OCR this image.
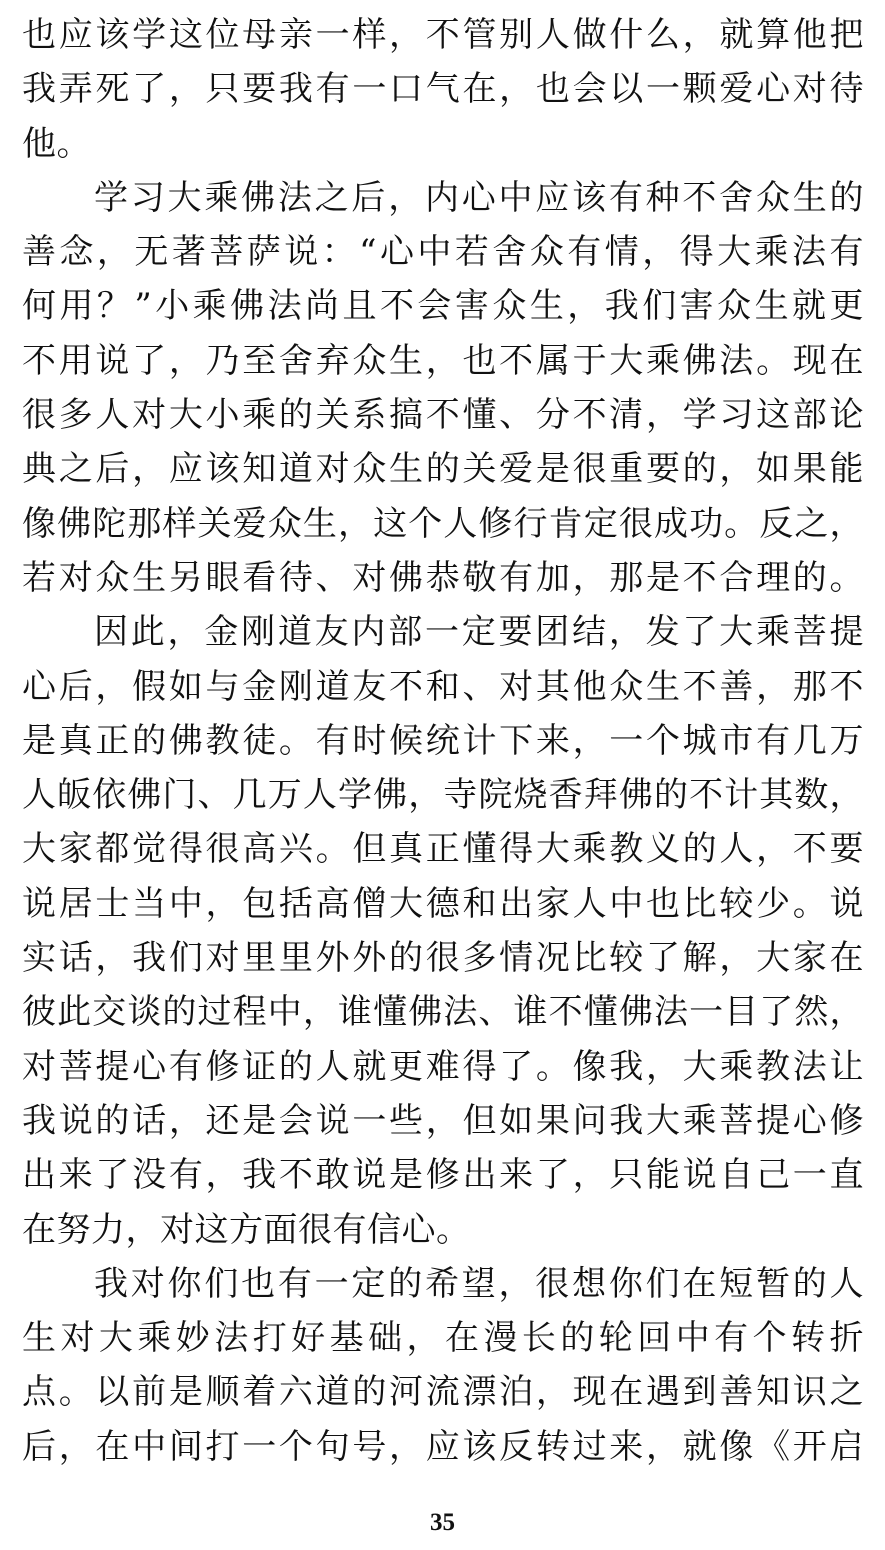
也应该学这位母亲一样，不管别人做什么，就算他把
我弄死了，只要我有一口气在，也会以一颗爱心对待
他。
学习大乘佛法之后，内心中应该有种不舍众生的
善念，无著菩萨说：“心中若舍众有情，得大乘法有
何用？”小乘佛法尚且不会害众生，我们害众生就更
不用说了，乃至舍弃众生，也不属于大乘佛法。现在
很多人对大小乘的关系搞不懂、分不清，学习这部论
典之后，应该知道对众生的关爱是很重要的，如果能
像佛陀那样关爱众生，这个人修行肯定很成功。反之，
若对众生另眼看待、对佛恭敬有加，那是不合理的。
因此，金刚道友内部一定要团结，发了大乘菩提
心后，假如与金刚道友不和、对其他众生不善，那不
是真正的佛教徒。有时候统计下来，一个城市有几万
人皈依佛门、几万人学佛，寺院烧香拜佛的不计其数，
大家都觉得很高兴。但真正懂得大乘教义的人，不要
说居士当中，包括高僧大德和出家人中也比较少。说
实话，我们对里里外外的很多情况比较了解，大家在
彼此交谈的过程中，谁懂佛法、谁不懂佛法一目了然，
对菩提心有修证的人就更难得了。像我，大乘教法让
我说的话，还是会说一些，但如果问我大乘菩提心修
出来了没有，我不敢说是修出来了，只能说自己一直
在努力，对这方面很有信心。
我对你们也有一定的希望，很想你们在短暂的人
生对大乘妙法打好基础，在漫长的轮回中有个转折
点。以前是顺着六道的河流漂泊，现在遇到善知识之
后，在中间打一个句号，应该反转过来，就像《开启
35
